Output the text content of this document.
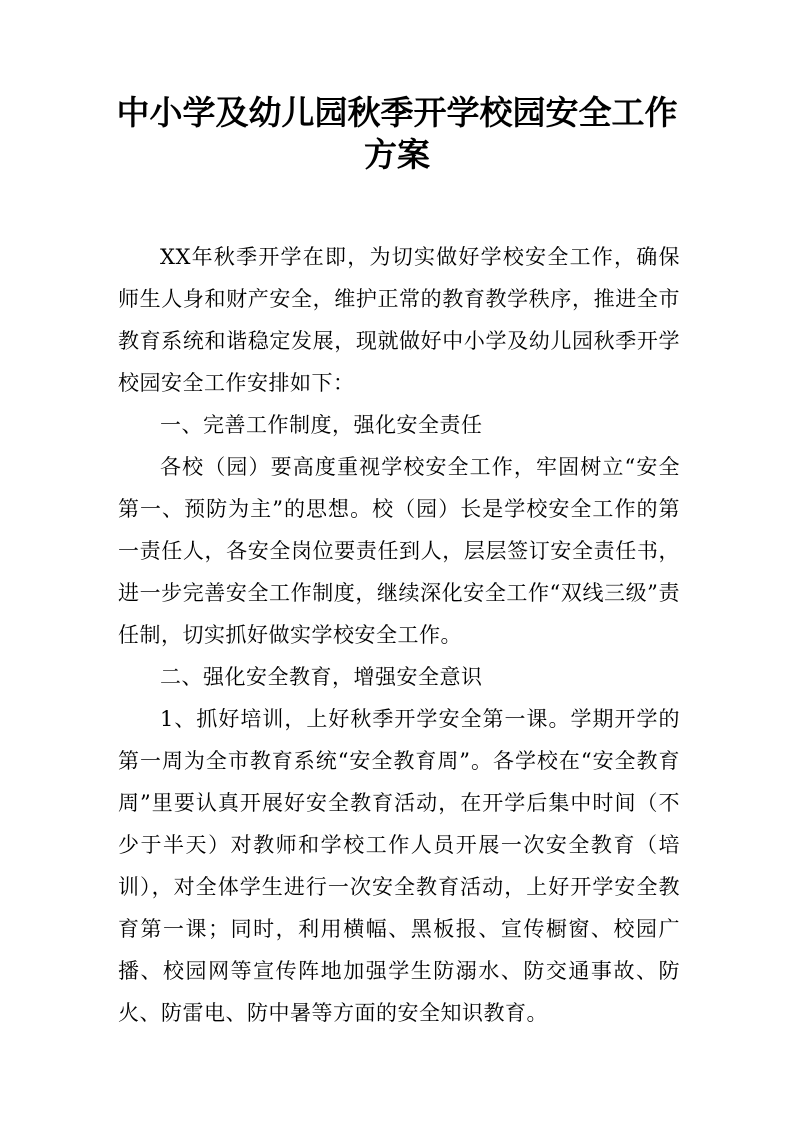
中小学及幼儿园秋季开学校园安全工作
方案

XX年秋季开学在即，为切实做好学校安全工作，确保师生人身和财产安全，维护正常的教育教学秩序，推进全市教育系统和谐稳定发展，现就做好中小学及幼儿园秋季开学校园安全工作安排如下：

一、完善工作制度，强化安全责任

各校（园）要高度重视学校安全工作，牢固树立“安全第一、预防为主”的思想。校（园）长是学校安全工作的第一责任人，各安全岗位要责任到人，层层签订安全责任书，进一步完善安全工作制度，继续深化安全工作“双线三级”责任制，切实抓好做实学校安全工作。

二、强化安全教育，增强安全意识

1、抓好培训，上好秋季开学安全第一课。学期开学的第一周为全市教育系统“安全教育周”。各学校在“安全教育周”里要认真开展好安全教育活动，在开学后集中时间（不少于半天）对教师和学校工作人员开展一次安全教育（培训），对全体学生进行一次安全教育活动，上好开学安全教育第一课；同时，利用横幅、黑板报、宣传橱窗、校园广播、校园网等宣传阵地加强学生防溺水、防交通事故、防火、防雷电、防中暑等方面的安全知识教育。
